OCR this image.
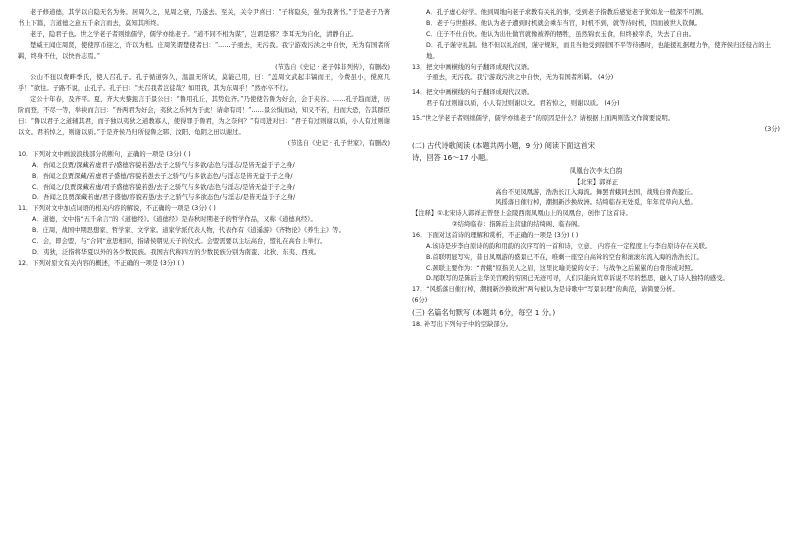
老子修道德，其学以自隐无名为务。居周久之，见周之衰，乃遂去。至关，关令尹喜曰：“子将隐矣，强为我著书。”于是老子乃著书上下篇，言道德之意五千余言而去，莫知其所终。

老子，隐君子也。世之学老子者则绌儒学，儒学亦绌老子。“道不同不相为谋”，岂谓是邪？李耳无为自化，清静自正。

楚威王闻庄周贤，使使厚币迎之，许以为相。庄周笑谓楚使者曰：“……子亟去，无污我。我宁游戏污渎之中自快，无为有国者所羁，终身不仕，以快吾志焉。”

(节选自《史记 · 老子韩非列传》，有删改)

公山不狃以费畔季氏，使人召孔子。孔子循道弥久，温温无所试，莫能己用，曰：“盖周文武起丰镐而王，今费虽小，傥庶几乎！”欲往。子路不说，止孔子。孔子曰：“夫召我者岂徒哉？如用我，其为东周乎！”然亦卒不行。

定公十年春，及齐平。夏，齐大夫黎鉏言于景公曰：“鲁用孔丘，其势危齐。”乃使使告鲁为好会，会于夹谷。……孔子趋而进，历阶而登，不尽一等，举袂而言曰：“吾两君为好会，夷狄之乐何为于此！请命有司！”……景公惧而动，知义不若，归而大恐，告其群臣曰：“鲁以君子之道辅其君，而子独以夷狄之道教寡人，使得罪于鲁君，为之奈何？”有司进对曰：“君子有过则谢以质，小人有过则谢以文。君若悼之，则谢以质。”于是齐侯乃归所侵鲁之郓、汶阳、龟阴之田以谢过。

(节选自《史记 · 孔子世家》，有删改)

10．下列对文中画波浪线部分的断句，正确的一项是 (3分) ( )

A．吾闻之良贾/深藏若虚君子/盛德容貌若愚/去子之骄气与多欲/态色与淫志/是皆无益于子之身/

B．吾闻之良贾深藏/若虚君子盛德/容貌若愚去子之骄气/与多欲态色/与淫志是皆无益于子之身/

C．吾闻之/良贾深藏若虚/君子盛德容貌若愚/去子之骄气与多欲/态色与淫志/是皆无益于子之身/

D．吾闻之良贾深藏若虚/君子盛德/容貌若愚/去子之骄气与多欲态色/与淫志/是皆无益于子之身/

11．下列对文中加点词语的相关内容的解说，不正确的一项是 (3分) ( )

A．道德，文中指“五千余言”的《道德经》。《道德经》是春秋时期老子的哲学作品，又称《道德真经》。

B．庄周，战国中期思想家、哲学家、文学家。道家学派代表人物，代表作有《逍遥游》《齐物论》《养生主》等。

C．会，即会盟，与“合同”意思相同，指诸侯朝见天子的仪式。会盟需要以主坛高台，盟礼在高台上举行。

D．夷狄，泛指将华夏以外的各少数民族。我国古代称四方的少数民族分别为南蛮、北狄、东夷、西戎。

12．下列对原文有关内容的概述，不正确的一项是 (3分) ( )

A．孔子虚心好学。他到周地向老子求教有关礼的事，受到老子指教后感觉老子犹如龙一般深不可测。

B．老子与世推移。他认为老子遭到时机就会乘车当官，时机不到，就等待时机，因而被世人钦佩。

C．庄子不仕自快。他认为出仕做官就像被养的牺牲，虽然锦衣玉食，但终被宰杀，失去了自由。

D．孔子谨守礼制。他不但以礼治国，谨守规矩，而且当他受到别国不平等待遇时，也能援礼据理力争，使齐侯归还侵占的土地。

13．把文中画横线的句子翻译成现代汉语。

子亟去，无污我。我宁游戏污渎之中自快，无为有国者所羁。 (4分)

14．把文中画横线的句子翻译成现代汉语。

君子有过则谢以质，小人有过则谢以文。君若悼之，则谢以质。 (4分)

15.“世之学老子者则绌儒学，儒学亦绌老子”的原因是什么？请根据上面两则选文作简要说明。

(3分)

(二) 古代诗歌阅读 (本题共两小题，9 分) 阅读下面这首宋

诗，回答 16～17 小题。

凤凰台次李太白韵

【北宋】郭祥正

高台不见凤凰游，浩浩长江入海流。舞罢青蛾同去国，战残白骨尚盈丘。

风摇落日催行棹，潮拥新沙换故洲。结绮临春无处觅，年年荒草向人愁。

【注释】①北宋诗人郭祥正曾登上金陵西南凤凰山上的凤凰台，创作了这首诗。

②结绮临春：指陈后主营建的结绮阁、临春阁。

16．下面对这首诗的理解和赏析，不正确的一项是 (3分) ( )

A.该诗是步李白原诗的韵和用韵的次序写的一首和诗，立意、 内容在一定程度上与李白原诗存在关联。

B.首联明显写实，昔日凤凰游的盛景已不在，唯剩一座空自高耸的空台和滚滚东流入海的浩浩长江。

C.颈联主要作为：“青蛾”原指美人之眉，这里比喻美貌的女子；与战争之后累累的白骨形成对照。

D.尾联写的是陈后主华美宫殿的穷困已无迹可寻，人们只能向荒草诉说不尽的愁思，融入了诗人独特的感受。

17．“风摇落日催行棹，潮拥新沙换故洲”两句被认为是诗歌中“写景识理”的典范，请简要分析。

(6分)

(三) 名篇名句默写 (本题共 6分，每空 1 分。)

18. 补写出下列句子中的空缺部分。
